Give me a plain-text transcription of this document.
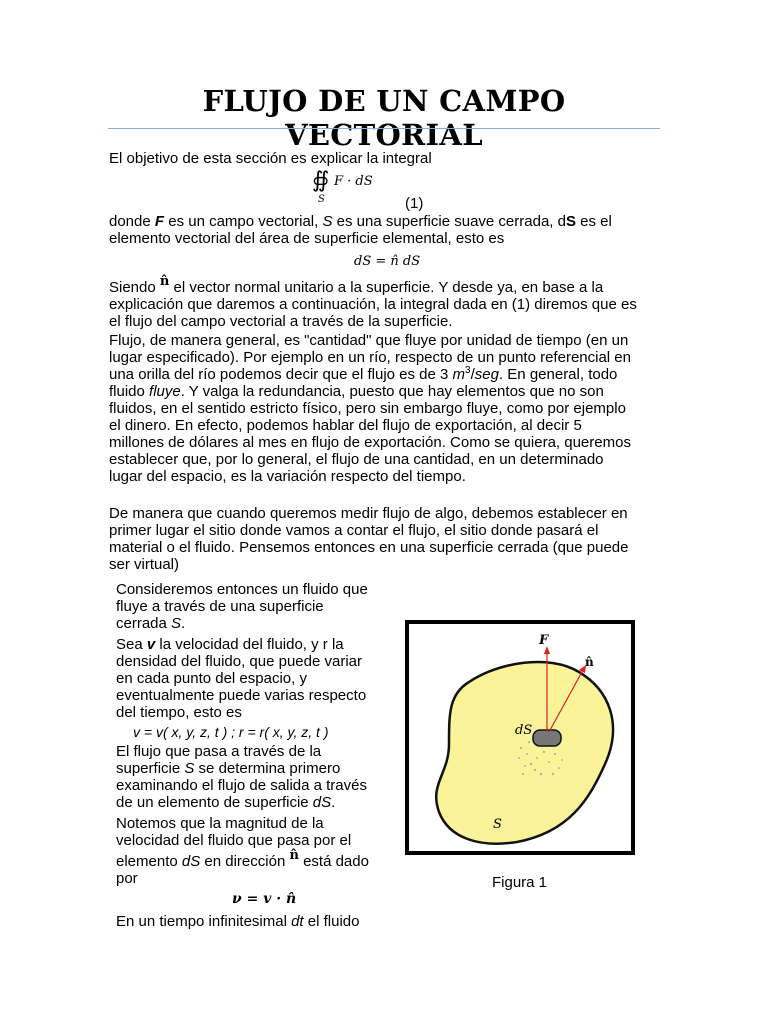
FLUJO DE UN CAMPO VECTORIAL

El objetivo de esta sección es explicar la integral

∯
S
F · dS
(1)

donde F es un campo vectorial, S es una superficie suave cerrada, dS es el

elemento vectorial del área de superficie elemental, esto es

dS = n̂ dS

Siendo n̂ el vector normal unitario a la superficie. Y desde ya, en base a la

explicación que daremos a continuación, la integral dada en (1) diremos que es

el flujo del campo vectorial a través de la superficie.

Flujo, de manera general, es "cantidad" que fluye por unidad de tiempo (en un

lugar especificado). Por ejemplo en un río, respecto de un punto referencial en

una orilla del río podemos decir que el flujo es de 3 $m^3$/seg. En general, todo

fluido fluye. Y valga la redundancia, puesto que hay elementos que no son

fluidos, en el sentido estricto físico, pero sin embargo fluye, como por ejemplo

el dinero. En efecto, podemos hablar del flujo de exportación, al decir 5

millones de dólares al mes en flujo de exportación. Como se quiera, queremos

establecer que, por lo general, el flujo de una cantidad, en un determinado

lugar del espacio, es la variación respecto del tiempo.

De manera que cuando queremos medir flujo de algo, debemos establecer en

primer lugar el sitio donde vamos a contar el flujo, el sitio donde pasará el

material o el fluido. Pensemos entonces en una superficie cerrada (que puede

ser virtual)

Consideremos entonces un fluido que

fluye a través de una superficie

cerrada S.

Sea v la velocidad del fluido, y r la

densidad del fluido, que puede variar

en cada punto del espacio, y

eventualmente puede varias respecto

del tiempo, esto es

v = v( x, y, z, t ) ; r = r( x, y, z, t )

El flujo que pasa a través de la

superficie S se determina primero

examinando el flujo de salida a través

de un elemento de superficie dS.

Notemos que la magnitud de la

velocidad del fluido que pasa por el

elemento dS en dirección n̂ está dado

por

ν = v · n̂

En un tiempo infinitesimal dt el fluido

F
n̂
dS
S

Figura 1
